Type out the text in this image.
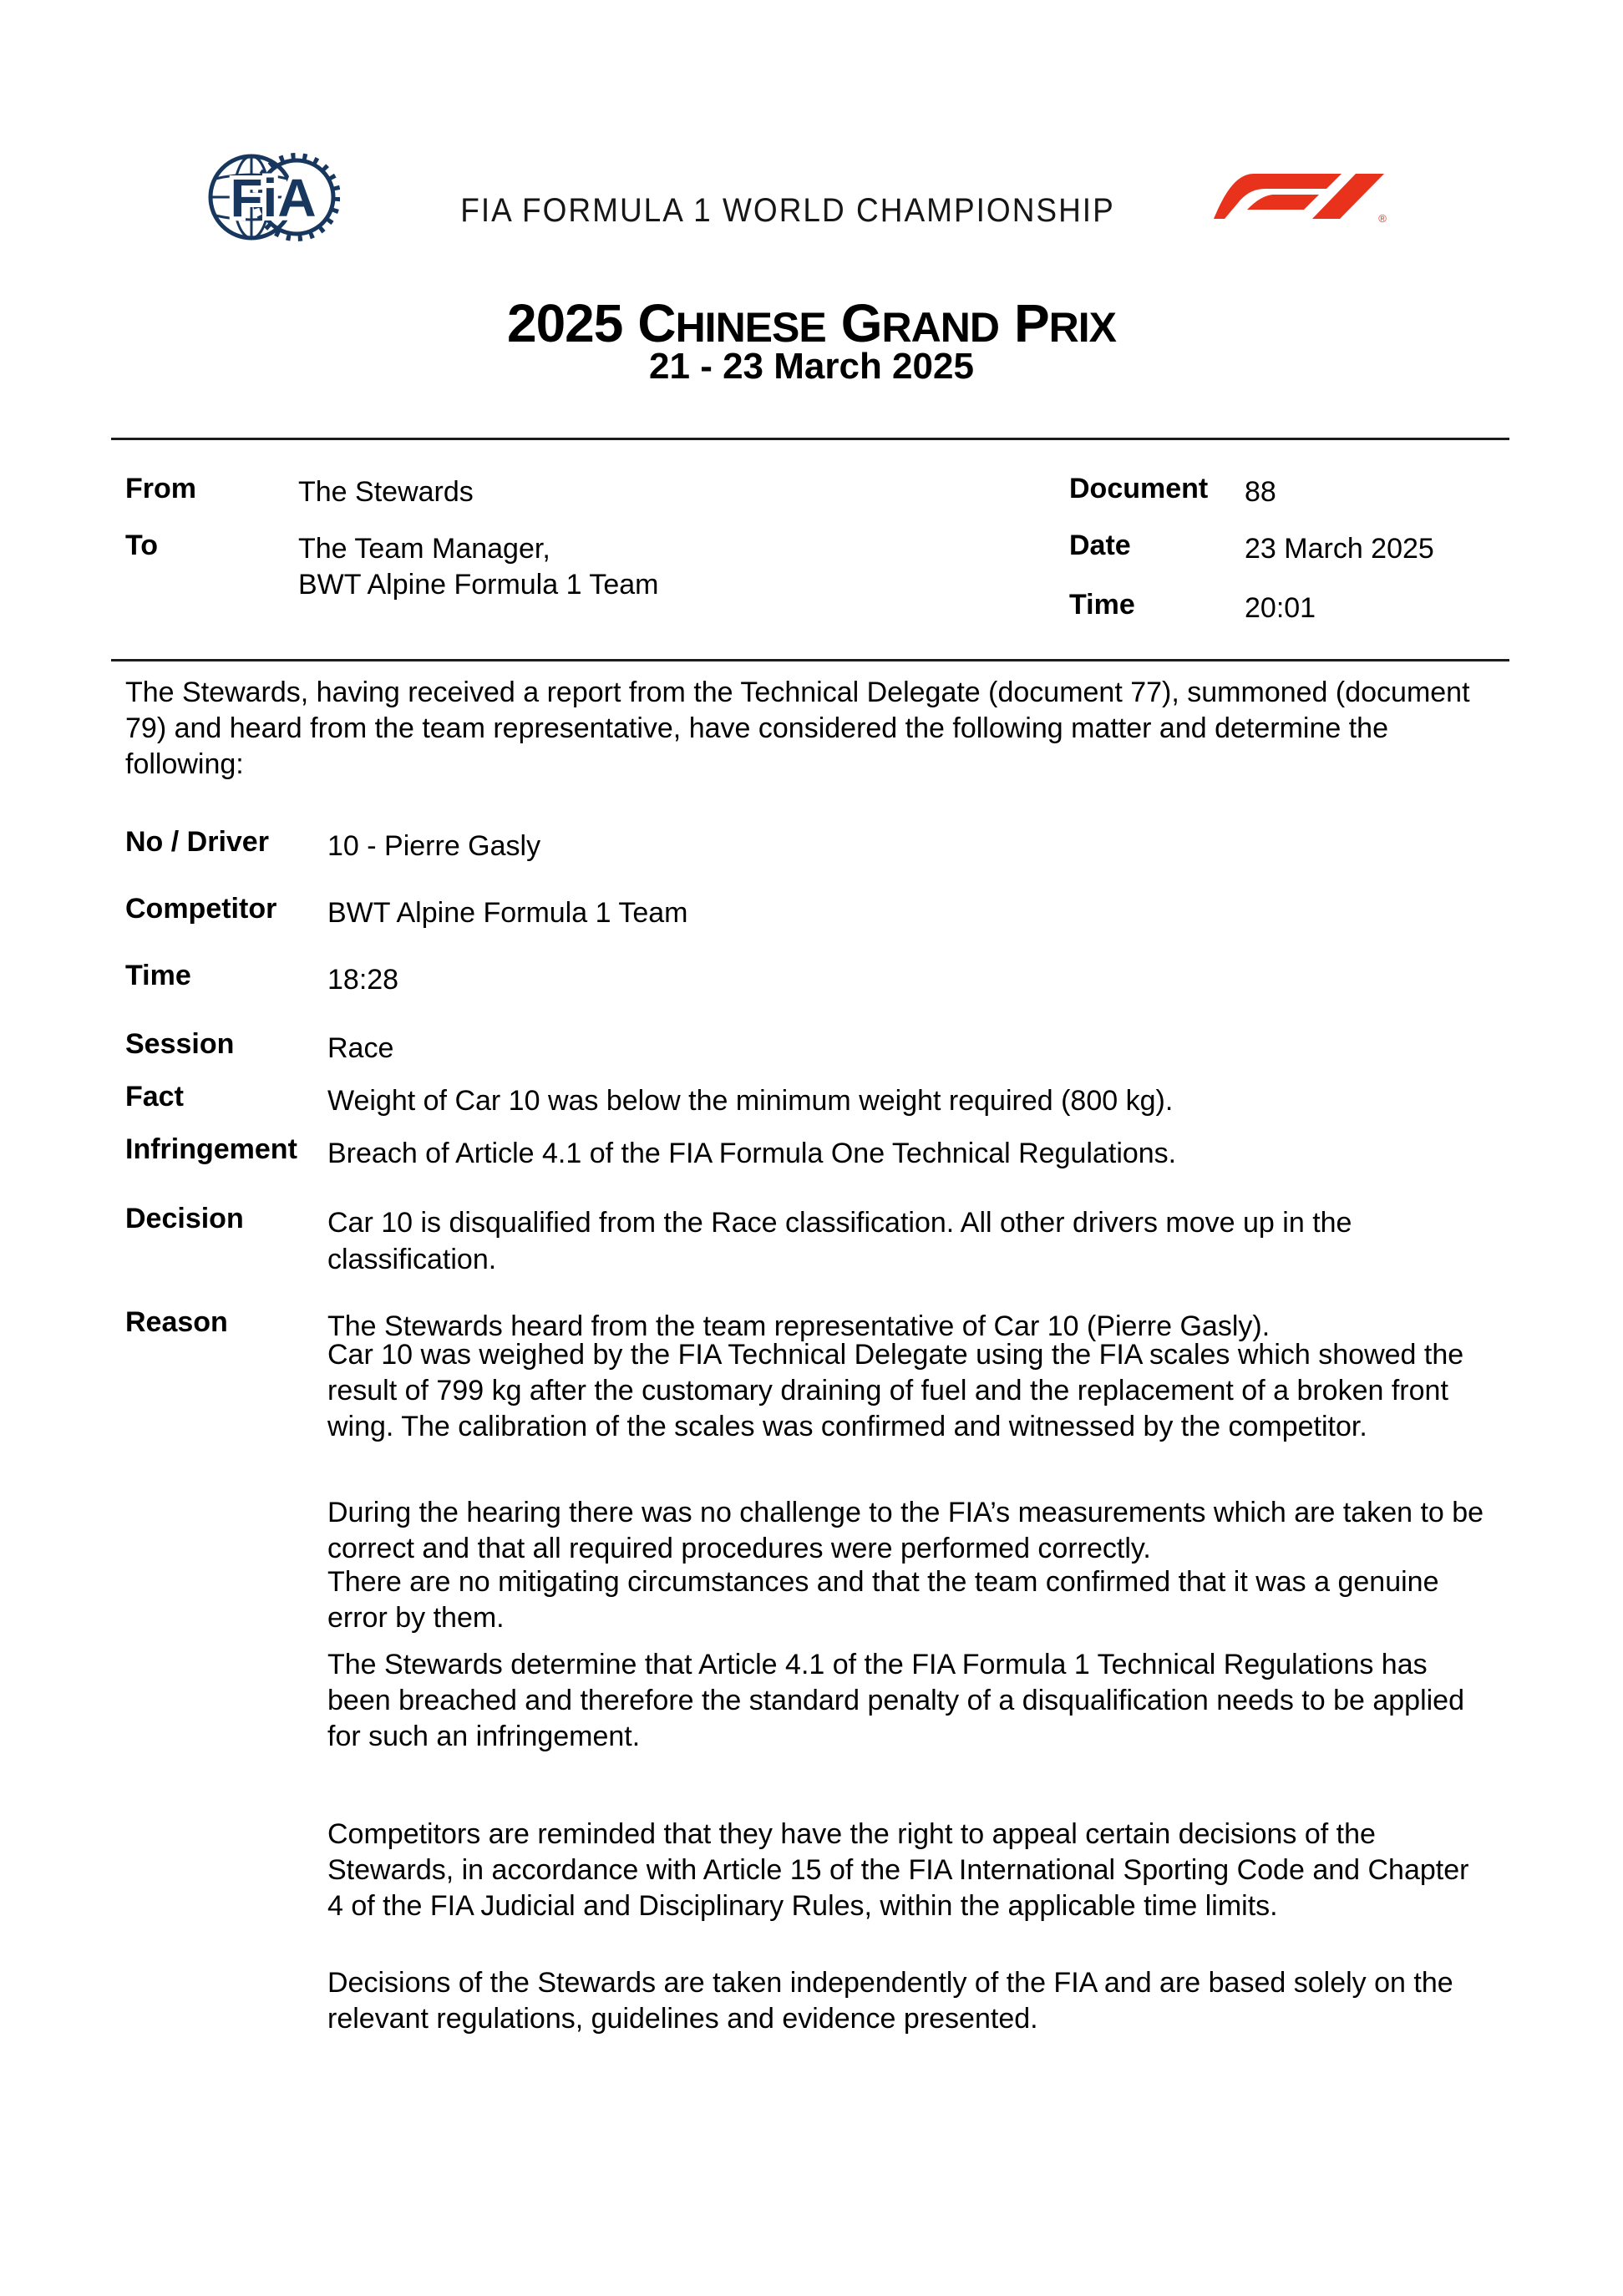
FiA	FIA FORMULA 1 WORLD CHAMPIONSHIP	®
2025 CHINESE GRAND PRIX
21 - 23 March 2025
From	The Stewards
To	The Team Manager,
BWT Alpine Formula 1 Team
Document 88
Date	23 March 2025
Time	20:01
The Stewards, having received a report from the Technical Delegate (document 77), summoned (document 79) and heard from the team representative, have considered the following matter and determine the following:
No / Driver 10 - Pierre Gasly
Competitor BWT Alpine Formula 1 Team
Time	18:28
Session	Race
Fact	Weight of Car 10 was below the minimum weight required (800 kg).
Infringement Breach of Article 4.1 of the FIA Formula One Technical Regulations.
Decision	Car 10 is disqualified from the Race classification. All other drivers move up in the classification.
Reason	The Stewards heard from the team representative of Car 10 (Pierre Gasly).
Car 10 was weighed by the FIA Technical Delegate using the FIA scales which showed the result of 799 kg after the customary draining of fuel and the replacement of a broken front wing. The calibration of the scales was confirmed and witnessed by the competitor.
During the hearing there was no challenge to the FIA’s measurements which are taken to be correct and that all required procedures were performed correctly.
There are no mitigating circumstances and that the team confirmed that it was a genuine error by them.
The Stewards determine that Article 4.1 of the FIA Formula 1 Technical Regulations has been breached and therefore the standard penalty of a disqualification needs to be applied for such an infringement.
Competitors are reminded that they have the right to appeal certain decisions of the Stewards, in accordance with Article 15 of the FIA International Sporting Code and Chapter 4 of the FIA Judicial and Disciplinary Rules, within the applicable time limits.
Decisions of the Stewards are taken independently of the FIA and are based solely on the relevant regulations, guidelines and evidence presented.
